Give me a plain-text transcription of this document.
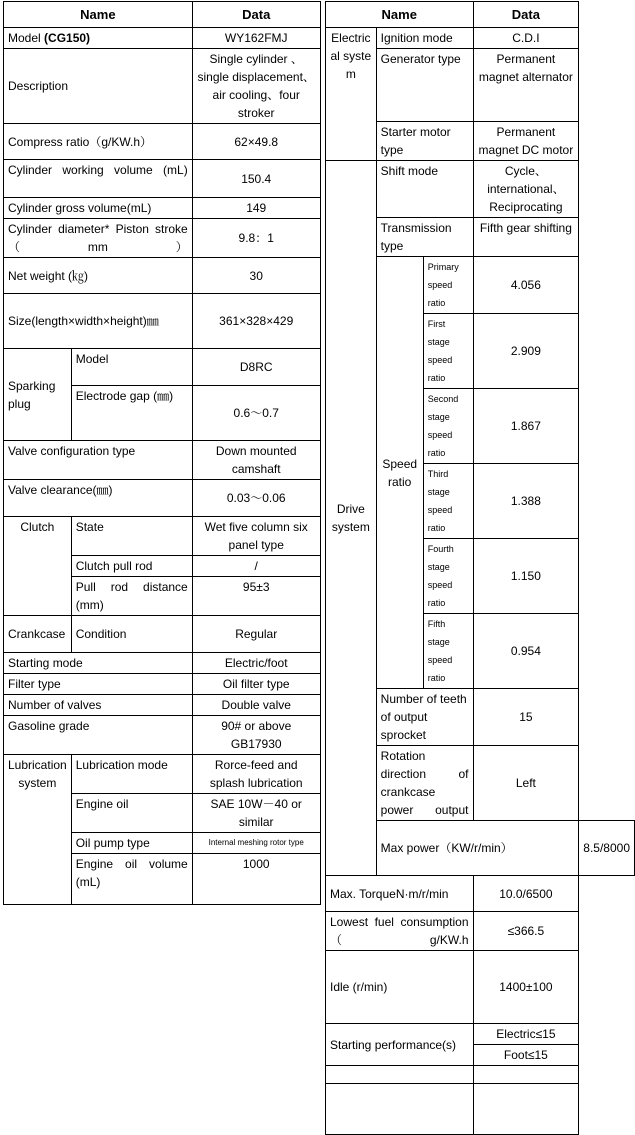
Name		Data
Model (CG150)		WY162FMJ
Description		Single cylinder 、single displacement、air cooling、four stroker
Compress ratio（g/KW.h）		62×49.8
Cylinder working volume (mL)		150.4
Cylinder gross volume(mL)		149
Cylinder diameter* Piston stroke（mm）		9.8：1
Net weight (㎏)		30
Size(length×width×height)㎜		361×328×429
Sparking plug	Model	D8RC
	Electrode gap (㎜)	0.6～0.7
Valve configuration type		Down mounted camshaft
Valve clearance(㎜)		0.03～0.06
Clutch	State	Wet five column six panel type
	Clutch pull rod	/
	Pull rod distance (mm)	95±3
Crankcase	Condition	Regular
Starting mode		Electric/foot
Filter type		Oil filter type
Number of valves		Double valve
Gasoline grade		90# or above GB17930
Lubrication system	Lubrication mode	Rorce-feed and splash lubrication
	Engine oil	SAE 10W－40 or similar
	Oil pump type	Internal meshing rotor type
	Engine oil volume (mL)	1000
Name			Data	
Electrical system	Ignition mode		C.D.I	
	Generator type		Permanent magnet alternator	
	Starter motor type		Permanent magnet DC motor	
Drive system	Shift mode		Cycle、international、Reciprocating	
	Transmission type		Fifth gear shifting	
	Speed ratio	Primary speed ratio	4.056	
		First stage speed ratio	2.909	
		Second stage speed ratio	1.867	
		Third stage speed ratio	1.388	
		Fourth stage speed ratio	1.150	
		Fifth stage speed ratio	0.954	
	Number of teeth of output sprocket		15	
	Rotation direction of crankcase power output		Left	
	Max power（KW/r/min）			8.5/8000
Max. TorqueN·m/r/min			10.0/6500	
Lowest fuel consumption（g/KW.h			≤366.5	
Idle (r/min)			1400±100	
Starting performance(s)			Electric≤15	
			Foot≤15	
